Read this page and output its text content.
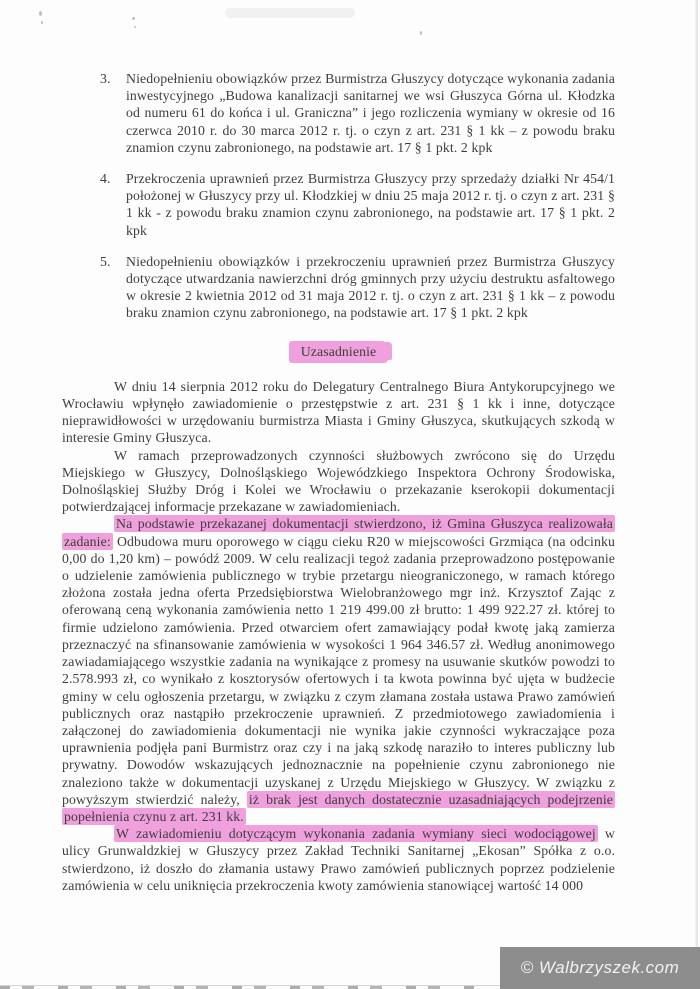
3.	Niedopełnieniu obowiązków przez Burmistrza Głuszycy dotyczące wykonania zadania inwestycyjnego „Budowa kanalizacji sanitarnej we wsi Głuszyca Górna ul. Kłodzka od numeru 61 do końca i ul. Graniczna” i jego rozliczenia wymiany w okresie od 16 czerwca 2010 r. do 30 marca 2012 r. tj. o czyn z art. 231 § 1 kk – z powodu braku znamion czynu zabronionego, na podstawie art. 17 § 1 pkt. 2 kpk
4.	Przekroczenia uprawnień przez Burmistrza Głuszycy przy sprzedaży działki Nr 454/1 położonej w Głuszycy przy ul. Kłodzkiej w dniu 25 maja 2012 r. tj. o czyn z art. 231 § 1 kk - z powodu braku znamion czynu zabronionego, na podstawie art. 17 § 1 pkt. 2 kpk
5.	Niedopełnieniu obowiązków i przekroczeniu uprawnień przez Burmistrza Głuszycy dotyczące utwardzania nawierzchni dróg gminnych przy użyciu destruktu asfaltowego w okresie 2 kwietnia 2012 od 31 maja 2012 r. tj. o czyn z art. 231 § 1 kk – z powodu braku znamion czynu zabronionego, na podstawie art. 17 § 1 pkt. 2 kpk
Uzasadnienie

W dniu 14 sierpnia 2012 roku do Delegatury Centralnego Biura Antykorupcyjnego we Wrocławiu wpłynęło zawiadomienie o przestępstwie z art. 231 § 1 kk i inne, dotyczące nieprawidłowości w urzędowaniu burmistrza Miasta i Gminy Głuszyca, skutkujących szkodą w interesie Gminy Głuszyca.

W ramach przeprowadzonych czynności służbowych zwrócono się do Urzędu Miejskiego w Głuszycy, Dolnośląskiego Wojewódzkiego Inspektora Ochrony Środowiska, Dolnośląskiej Służby Dróg i Kolei we Wrocławiu o przekazanie kserokopii dokumentacji potwierdzającej informacje przekazane w zawiadomieniach.

Na podstawie przekazanej dokumentacji stwierdzono, iż Gmina Głuszyca realizowała zadanie: Odbudowa muru oporowego w ciągu cieku R20 w miejscowości Grzmiąca (na odcinku 0,00 do 1,20 km) – powódź 2009. W celu realizacji tegoż zadania przeprowadzono postępowanie o udzielenie zamówienia publicznego w trybie przetargu nieograniczonego, w ramach którego złożona została jedna oferta Przedsiębiorstwa Wielobranżowego mgr inż. Krzysztof Zając z oferowaną ceną wykonania zamówienia netto 1 219 499.00 zł brutto: 1 499 922.27 zł. której to firmie udzielono zamówienia. Przed otwarciem ofert zamawiający podał kwotę jaką zamierza przeznaczyć na sfinansowanie zamówienia w wysokości 1 964 346.57 zł. Według anonimowego zawiadamiającego wszystkie zadania na wynikające z promesy na usuwanie skutków powodzi to 2.578.993 zł, co wynikało z kosztorysów ofertowych i ta kwota powinna być ujęta w budżecie gminy w celu ogłoszenia przetargu, w związku z czym złamana została ustawa Prawo zamówień publicznych oraz nastąpiło przekroczenie uprawnień. Z przedmiotowego zawiadomienia i załączonej do zawiadomienia dokumentacji nie wynika jakie czynności wykraczające poza uprawnienia podjęła pani Burmistrz oraz czy i na jaką szkodę naraziło to interes publiczny lub prywatny. Dowodów wskazujących jednoznacznie na popełnienie czynu zabronionego nie znaleziono także w dokumentacji uzyskanej z Urzędu Miejskiego w Głuszycy. W związku z powyższym stwierdzić należy, iż brak jest danych dostatecznie uzasadniających podejrzenie popełnienia czynu z art. 231 kk.

W zawiadomieniu dotyczącym wykonania zadania wymiany sieci wodociągowej w ulicy Grunwaldzkiej w Głuszycy przez Zakład Techniki Sanitarnej „Ekosan” Spółka z o.o. stwierdzono, iż doszło do złamania ustawy Prawo zamówień publicznych poprzez podzielenie zamówienia w celu uniknięcia przekroczenia kwoty zamówienia stanowiącej wartość 14 000

© Walbrzyszek.com
